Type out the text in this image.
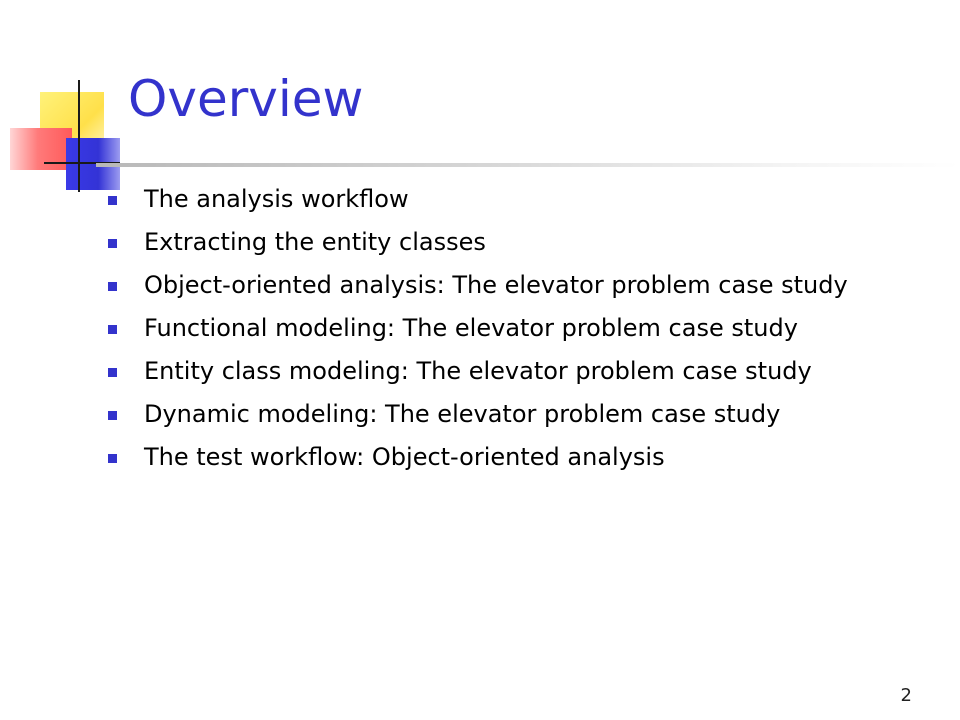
Overview
The analysis workflow
Extracting the entity classes
Object-oriented analysis: The elevator problem case study
Functional modeling: The elevator problem case study
Entity class modeling: The elevator problem case study
Dynamic modeling: The elevator problem case study
The test workflow: Object-oriented analysis
2
